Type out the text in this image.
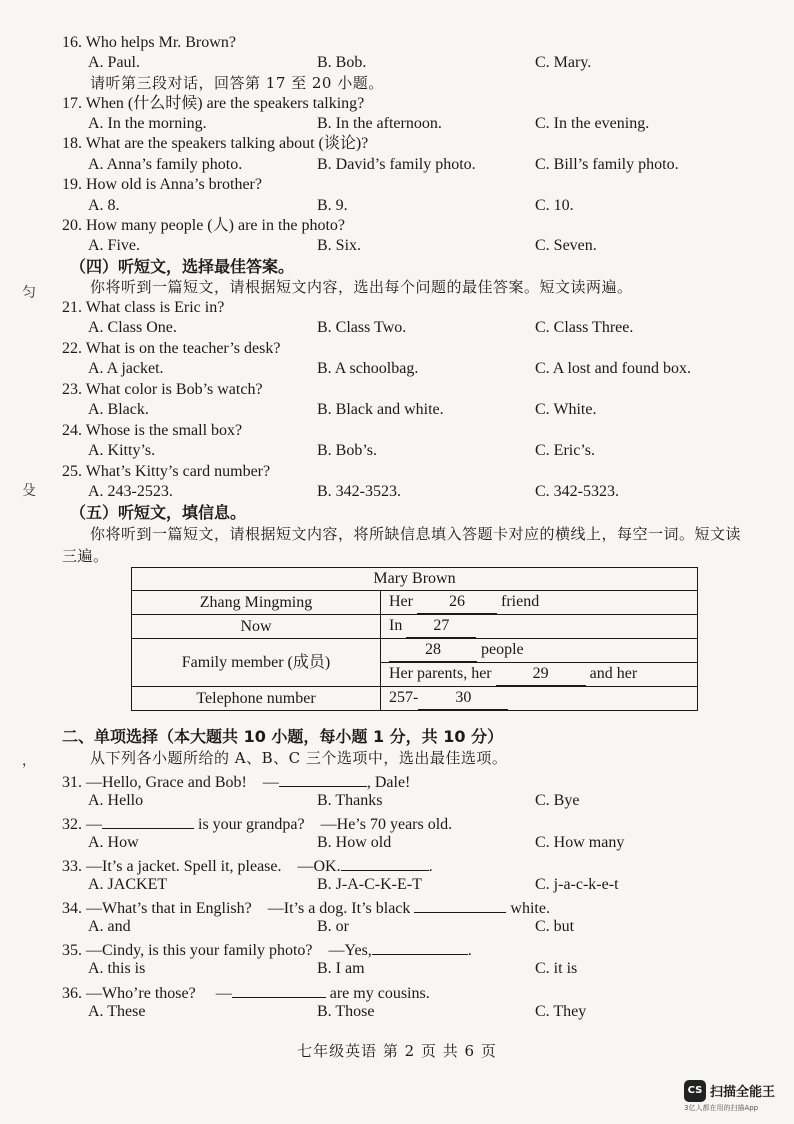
匀
殳
，
16. Who helps Mr. Brown?
A. Paul.	B. Bob.	C. Mary.
请听第三段对话，回答第 17 至 20 小题。
17. When (什么时候) are the speakers talking?
A. In the morning.	B. In the afternoon.	C. In the evening.
18. What are the speakers talking about (谈论)?
A. Anna’s family photo.	B. David’s family photo.	C. Bill’s family photo.
19. How old is Anna’s brother?
A. 8.	B. 9.	C. 10.
20. How many people (人) are in the photo?
A. Five.	B. Six.	C. Seven.
（四）听短文，选择最佳答案。
你将听到一篇短文，请根据短文内容，选出每个问题的最佳答案。短文读两遍。
21. What class is Eric in?
A. Class One.	B. Class Two.	C. Class Three.
22. What is on the teacher’s desk?
A. A jacket.	B. A schoolbag.	C. A lost and found box.
23. What color is Bob’s watch?
A. Black.	B. Black and white.	C. White.
24. Whose is the small box?
A. Kitty’s.	B. Bob’s.	C. Eric’s.
25. What’s Kitty’s card number?
A. 243-2523.	B. 342-3523.	C. 342-5323.
（五）听短文，填信息。
你将听到一篇短文，请根据短文内容，将所缺信息填入答题卡对应的横线上，每空一词。短文读三遍。
Mary Brown	
Zhang Mingming	Her 26 friend
Now	In 27
Family member (成员)	28 people
	Her parents, her 29 and her
Telephone number	257- 30
二、单项选择（本大题共 10 小题，每小题 1 分，共 10 分）
从下列各小题所给的 A、B、C 三个选项中，选出最佳选项。
31. —Hello, Grace and Bob! —	, Dale!
A. Hello	B. Thanks	C. Bye
32. —	is your grandpa? —He’s 70 years old.
A. How	B. How old	C. How many
33. —It’s a jacket. Spell it, please. —OK.	.
A. JACKET	B. J-A-C-K-E-T	C. j-a-c-k-e-t
34. —What’s that in English? —It’s a dog. It’s black	white.
A. and	B. or	C. but
35. —Cindy, is this your family photo? —Yes,	.
A. this is	B. I am	C. it is
36. —Who’re those? —	are my cousins.
A. These	B. Those	C. They
七年级英语 第 2 页 共 6 页
CS 扫描全能王
3亿人都在用的扫描App
